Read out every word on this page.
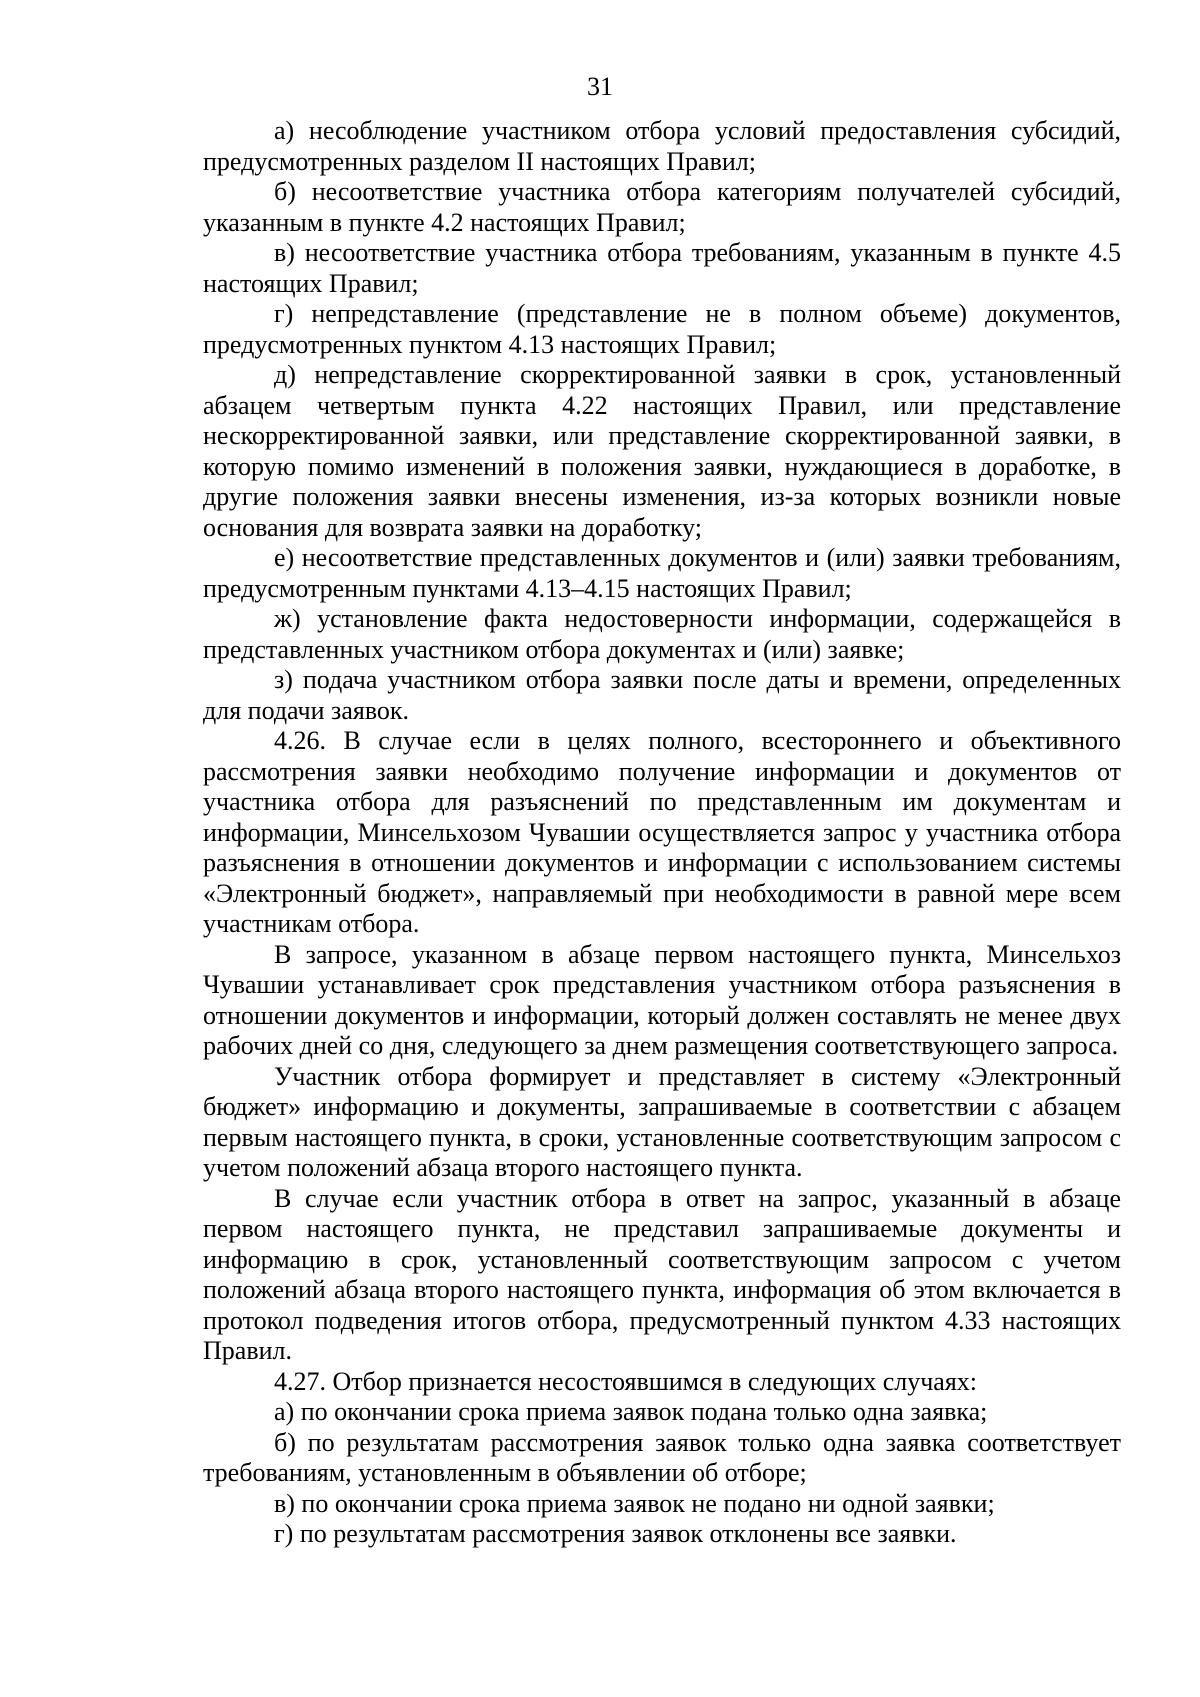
31

а) несоблюдение участником отбора условий предоставления субсидий, предусмотренных разделом II настоящих Правил;

б) несоответствие участника отбора категориям получателей субсидий, указанным в пункте 4.2 настоящих Правил;

в) несоответствие участника отбора требованиям, указанным в пункте 4.5 настоящих Правил;

г) непредставление (представление не в полном объеме) документов, предусмотренных пунктом 4.13 настоящих Правил;

д) непредставление скорректированной заявки в срок, установленный абзацем четвертым пункта 4.22 настоящих Правил, или представление нескорректированной заявки, или представление скорректированной заявки, в которую помимо изменений в положения заявки, нуждающиеся в доработке, в другие положения заявки внесены изменения, из-за которых возникли новые основания для возврата заявки на доработку;

е) несоответствие представленных документов и (или) заявки требованиям, предусмотренным пунктами 4.13–4.15 настоящих Правил;

ж) установление факта недостоверности информации, содержащейся в представленных участником отбора документах и (или) заявке;

з) подача участником отбора заявки после даты и времени, определенных для подачи заявок.

4.26. В случае если в целях полного, всестороннего и объективного рассмотрения заявки необходимо получение информации и документов от участника отбора для разъяснений по представленным им документам и информации, Минсельхозом Чувашии осуществляется запрос у участника отбора разъяснения в отношении документов и информации с использованием системы «Электронный бюджет», направляемый при необходимости в равной мере всем участникам отбора.

В запросе, указанном в абзаце первом настоящего пункта, Минсельхоз Чувашии устанавливает срок представления участником отбора разъяснения в отношении документов и информации, который должен составлять не менее двух рабочих дней со дня, следующего за днем размещения соответствующего запроса.

Участник отбора формирует и представляет в систему «Электронный бюджет» информацию и документы, запрашиваемые в соответствии с абзацем первым настоящего пункта, в сроки, установленные соответствующим запросом с учетом положений абзаца второго настоящего пункта.

В случае если участник отбора в ответ на запрос, указанный в абзаце первом настоящего пункта, не представил запрашиваемые документы и информацию в срок, установленный соответствующим запросом с учетом положений абзаца второго настоящего пункта, информация об этом включается в протокол подведения итогов отбора, предусмотренный пунктом 4.33 настоящих Правил.

4.27. Отбор признается несостоявшимся в следующих случаях:

а) по окончании срока приема заявок подана только одна заявка;

б) по результатам рассмотрения заявок только одна заявка соответствует требованиям, установленным в объявлении об отборе;

в) по окончании срока приема заявок не подано ни одной заявки;

г) по результатам рассмотрения заявок отклонены все заявки.
